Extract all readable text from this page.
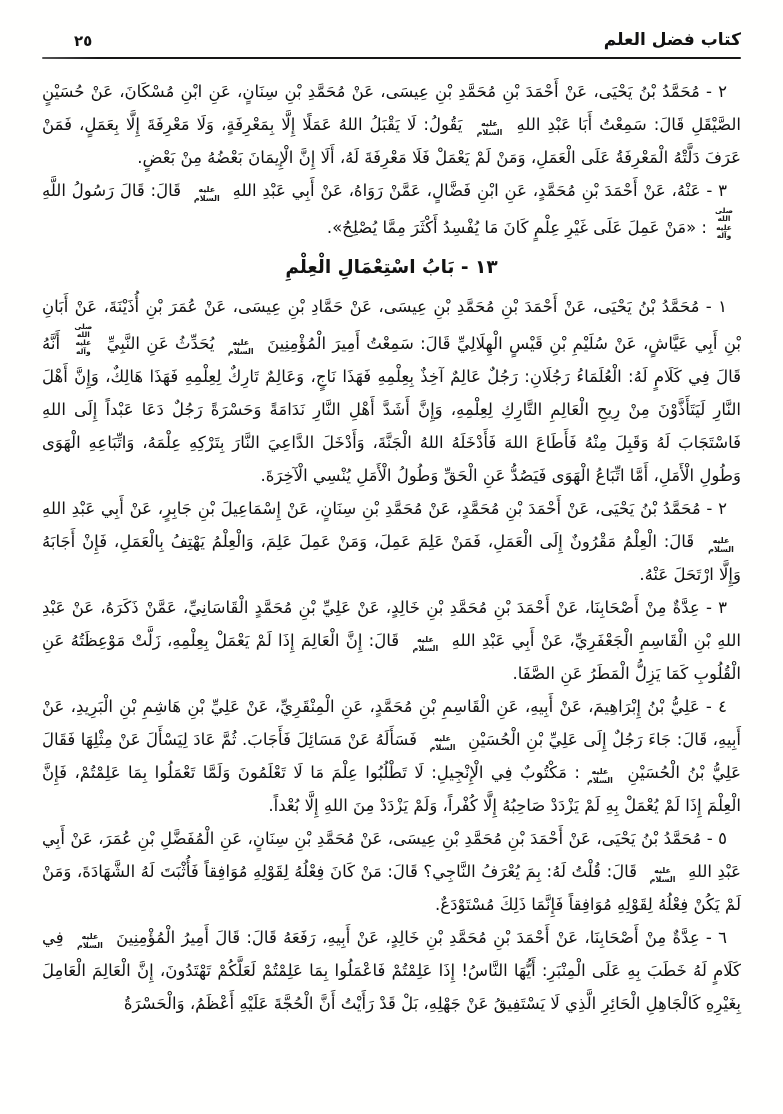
كتاب فضل العلم
٢٥

٢ - مُحَمَّدُ بْنُ يَحْيَى، عَنْ أَحْمَدَ بْنِ مُحَمَّدِ بْنِ عِيسَى، عَنْ مُحَمَّدِ بْنِ سِنَانٍ، عَنِ ابْنِ مُسْكَانَ، عَنْ حُسَيْنٍ الصَّيْقَلِ قَالَ: سَمِعْتُ أَبَا عَبْدِ اللهِ عليه السلام يَقُولُ: لَا يَقْبَلُ اللهُ عَمَلًا إِلَّا بِمَعْرِفَةٍ، وَلَا مَعْرِفَةَ إِلَّا بِعَمَلٍ، فَمَنْ عَرَفَ دَلَّتْهُ الْمَعْرِفَةُ عَلَى الْعَمَلِ، وَمَنْ لَمْ يَعْمَلْ فَلَا مَعْرِفَةَ لَهُ، أَلَا إِنَّ الْإِيمَانَ بَعْضُهُ مِنْ بَعْضٍ.

٣ - عَنْهُ، عَنْ أَحْمَدَ بْنِ مُحَمَّدٍ، عَنِ ابْنِ فَضَّالٍ، عَمَّنْ رَوَاهُ، عَنْ أَبِي عَبْدِ اللهِ عليه السلام قَالَ: قَالَ رَسُولُ اللَّهِ صلى الله عليه وآله: «مَنْ عَمِلَ عَلَى غَيْرِ عِلْمٍ كَانَ مَا يُفْسِدُ أَكْثَرَ مِمَّا يُصْلِحُ».

١٣ - بَابُ اسْتِعْمَالِ الْعِلْمِ

١ - مُحَمَّدُ بْنُ يَحْيَى، عَنْ أَحْمَدَ بْنِ مُحَمَّدِ بْنِ عِيسَى، عَنْ حَمَّادِ بْنِ عِيسَى، عَنْ عُمَرَ بْنِ أُذَيْنَةَ، عَنْ أَبَانِ بْنِ أَبِي عَيَّاشٍ، عَنْ سُلَيْمِ بْنِ قَيْسٍ الْهِلَالِيِّ قَالَ: سَمِعْتُ أَمِيرَ الْمُؤْمِنِينَ عليه السلام يُحَدِّثُ عَنِ النَّبِيِّ صلى الله عليه وآله أَنَّهُ قَالَ فِي كَلَامٍ لَهُ: الْعُلَمَاءُ رَجُلَانِ: رَجُلٌ عَالِمٌ آخِذٌ بِعِلْمِهِ فَهَذَا نَاجٍ، وَعَالِمٌ تَارِكٌ لِعِلْمِهِ فَهَذَا هَالِكٌ، وَإِنَّ أَهْلَ النَّارِ لَيَتَأَذَّوْنَ مِنْ رِيحِ الْعَالِمِ التَّارِكِ لِعِلْمِهِ، وَإِنَّ أَشَدَّ أَهْلِ النَّارِ نَدَامَةً وَحَسْرَةً رَجُلٌ دَعَا عَبْداً إِلَى اللهِ فَاسْتَجَابَ لَهُ وَقَبِلَ مِنْهُ فَأَطَاعَ اللهَ فَأَدْخَلَهُ اللهُ الْجَنَّةَ، وَأَدْخَلَ الدَّاعِيَ النَّارَ بِتَرْكِهِ عِلْمَهُ، وَاتِّبَاعِهِ الْهَوَى وَطُولِ الْأَمَلِ، أَمَّا اتِّبَاعُ الْهَوَى فَيَصُدُّ عَنِ الْحَقِّ وَطُولُ الْأَمَلِ يُنْسِي الْآخِرَةَ.

٢ - مُحَمَّدُ بْنُ يَحْيَى، عَنْ أَحْمَدَ بْنِ مُحَمَّدٍ، عَنْ مُحَمَّدِ بْنِ سِنَانٍ، عَنْ إِسْمَاعِيلَ بْنِ جَابِرٍ، عَنْ أَبِي عَبْدِ اللهِ عليه السلام قَالَ: الْعِلْمُ مَقْرُونٌ إِلَى الْعَمَلِ، فَمَنْ عَلِمَ عَمِلَ، وَمَنْ عَمِلَ عَلِمَ، وَالْعِلْمُ يَهْتِفُ بِالْعَمَلِ، فَإِنْ أَجَابَهُ وَإِلَّا ارْتَحَلَ عَنْهُ.

٣ - عِدَّةٌ مِنْ أَصْحَابِنَا، عَنْ أَحْمَدَ بْنِ مُحَمَّدِ بْنِ خَالِدٍ، عَنْ عَلِيِّ بْنِ مُحَمَّدٍ الْقَاسَانِيِّ، عَمَّنْ ذَكَرَهُ، عَنْ عَبْدِ اللهِ بْنِ الْقَاسِمِ الْجَعْفَرِيِّ، عَنْ أَبِي عَبْدِ اللهِ عليه السلام قَالَ: إِنَّ الْعَالِمَ إِذَا لَمْ يَعْمَلْ بِعِلْمِهِ، زَلَّتْ مَوْعِظَتُهُ عَنِ الْقُلُوبِ كَمَا يَزِلُّ الْمَطَرُ عَنِ الصَّفَا.

٤ - عَلِيُّ بْنُ إِبْرَاهِيمَ، عَنْ أَبِيهِ، عَنِ الْقَاسِمِ بْنِ مُحَمَّدٍ، عَنِ الْمِنْقَرِيِّ، عَنْ عَلِيِّ بْنِ هَاشِمِ بْنِ الْبَرِيدِ، عَنْ أَبِيهِ، قَالَ: جَاءَ رَجُلٌ إِلَى عَلِيِّ بْنِ الْحُسَيْنِ عليه السلام فَسَأَلَهُ عَنْ مَسَائِلَ فَأَجَابَ. ثُمَّ عَادَ لِيَسْأَلَ عَنْ مِثْلِهَا فَقَالَ عَلِيُّ بْنُ الْحُسَيْنِ عليه السلام: مَكْتُوبٌ فِي الْإِنْجِيلِ: لَا تَطْلُبُوا عِلْمَ مَا لَا تَعْلَمُونَ وَلَمَّا تَعْمَلُوا بِمَا عَلِمْتُمْ، فَإِنَّ الْعِلْمَ إِذَا لَمْ يُعْمَلْ بِهِ لَمْ يَزْدَدْ صَاحِبُهُ إِلَّا كُفْراً، وَلَمْ يَزْدَدْ مِنَ اللهِ إِلَّا بُعْداً.

٥ - مُحَمَّدُ بْنُ يَحْيَى، عَنْ أَحْمَدَ بْنِ مُحَمَّدِ بْنِ عِيسَى، عَنْ مُحَمَّدِ بْنِ سِنَانٍ، عَنِ الْمُفَضَّلِ بْنِ عُمَرَ، عَنْ أَبِي عَبْدِ اللهِ عليه السلام قَالَ: قُلْتُ لَهُ: بِمَ يُعْرَفُ النَّاجِي؟ قَالَ: مَنْ كَانَ فِعْلُهُ لِقَوْلِهِ مُوَافِقاً فَأُثْبَتَ لَهُ الشَّهَادَةَ، وَمَنْ لَمْ يَكُنْ فِعْلُهُ لِقَوْلِهِ مُوَافِقاً فَإِنَّمَا ذَلِكَ مُسْتَوْدَعٌ.

٦ - عِدَّةٌ مِنْ أَصْحَابِنَا، عَنْ أَحْمَدَ بْنِ مُحَمَّدِ بْنِ خَالِدٍ، عَنْ أَبِيهِ، رَفَعَهُ قَالَ: قَالَ أَمِيرُ الْمُؤْمِنِينَ عليه السلام فِي كَلَامٍ لَهُ خَطَبَ بِهِ عَلَى الْمِنْبَرِ: أَيُّهَا النَّاسُ! إِذَا عَلِمْتُمْ فَاعْمَلُوا بِمَا عَلِمْتُمْ لَعَلَّكُمْ تَهْتَدُونَ، إِنَّ الْعَالِمَ الْعَامِلَ بِغَيْرِهِ كَالْجَاهِلِ الْحَائِرِ الَّذِي لَا يَسْتَفِيقُ عَنْ جَهْلِهِ، بَلْ قَدْ رَأَيْتُ أَنَّ الْحُجَّةَ عَلَيْهِ أَعْظَمُ، وَالْحَسْرَةُ
